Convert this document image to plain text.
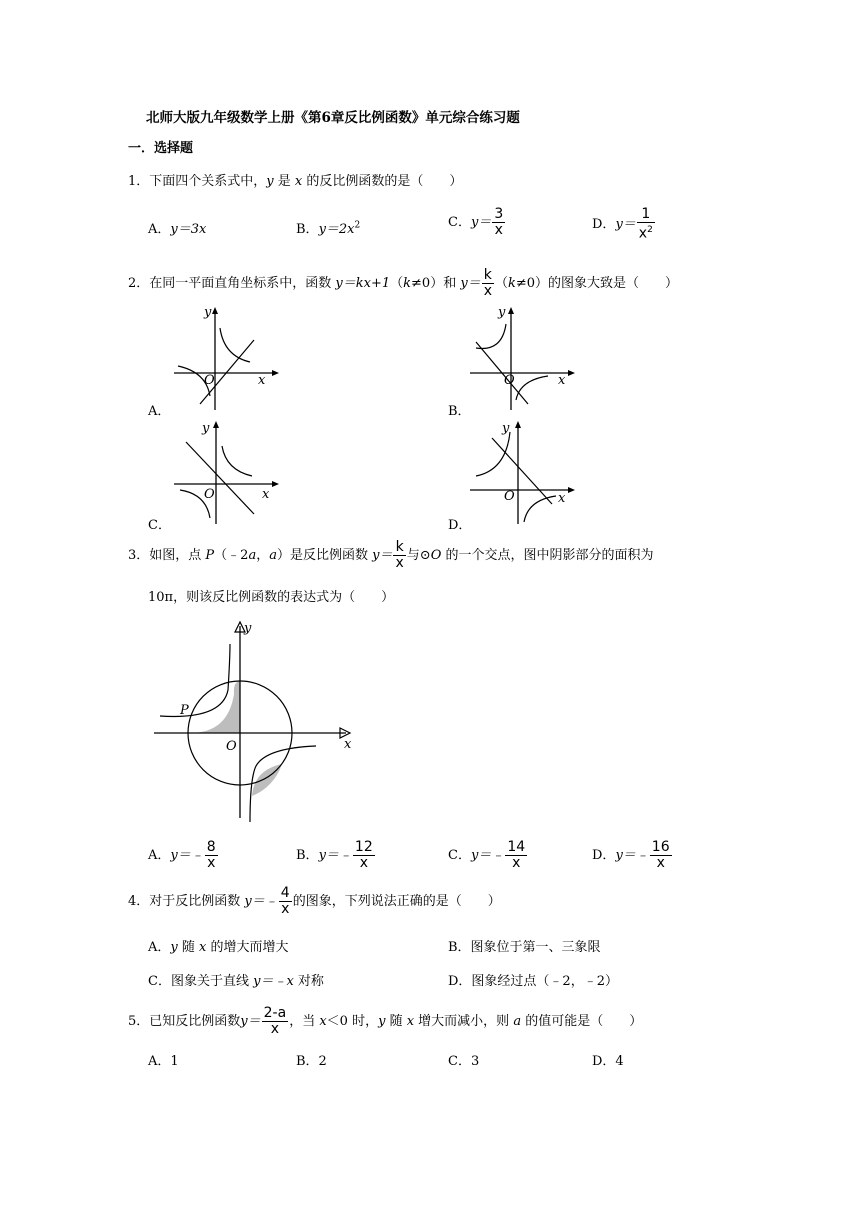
北师大版九年级数学上册《第6章反比例函数》单元综合练习题
一．选择题
1．下面四个关系式中，y 是 x 的反比例函数的是（　　）
A．y＝3x	B．$y=2x^2$	C．$y= \frac{3}{x}$	D．$y= \frac{1}{x^2}$
2．在同一平面直角坐标系中，函数 y＝kx+1（k≠0）和 $y= \frac{k}{x} (k\ne 0)$的图象大致是（　　）
y
x
O
A．
y
x
O
B．
y
x
O
C．
y
x
O
D．
3．如图，点 P（﹣2a，a）是反比例函数 $y= \frac{k}{x}$ 与⊙O 的一个交点，图中阴影部分的面积为
10π，则该反比例函数的表达式为（　　）
P
O	x
y
A．y＝﹣ $\frac{8}{x}$	B．y＝﹣ $\frac{12}{x}$	C．y＝﹣ $\frac{14}{x}$	D．y＝﹣ $\frac{16}{x}$
4．对于反比例函数 y＝﹣ $\frac{4}{x}$ 的图象，下列说法正确的是（　　）
A．y 随 x 的增大而增大	B．图象位于第一、三象限
C．图象关于直线 y＝﹣x 对称	D．图象经过点（﹣2，﹣2）
5．已知反比例函数$y= \frac{2-a}{x}$ ，当 x＜0 时，y 随 x 增大而减小，则 a 的值可能是（　　）
A．1	B．2	C．3	D．4
